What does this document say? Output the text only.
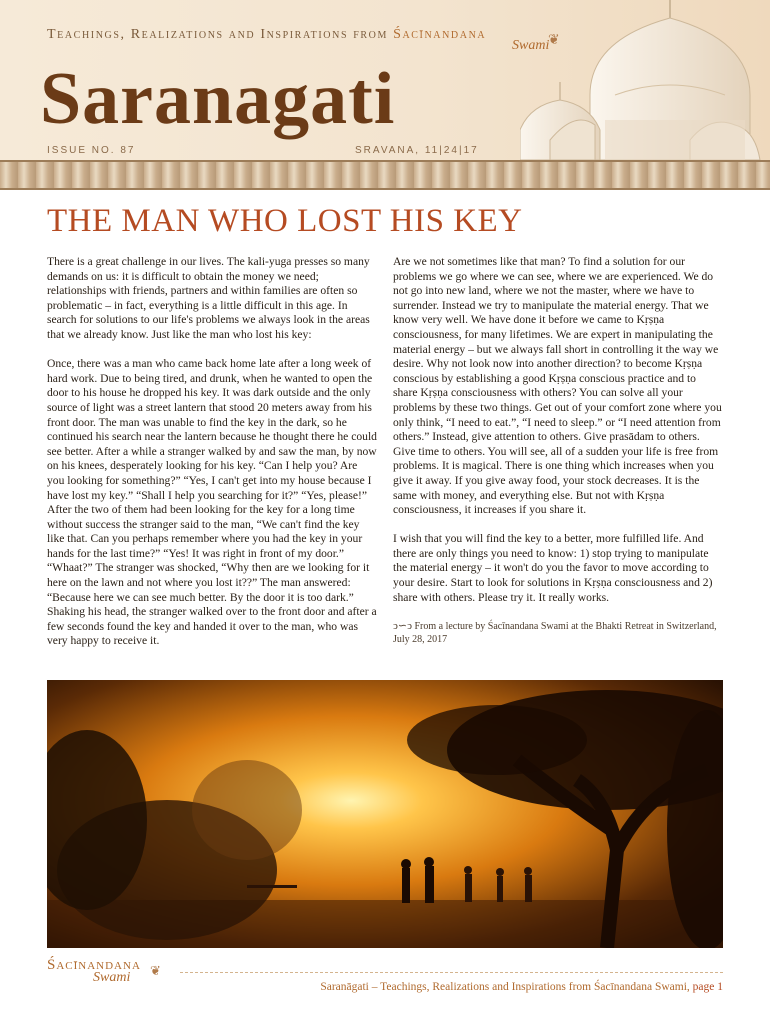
Teachings, Realizations and Inspirations from Śacīnandana
Swami
❦
Saranagati
ISSUE NO. 87	SRAVANA, 11|24|17
THE MAN WHO LOST HIS KEY

There is a great challenge in our lives. The kali-yuga presses so many demands on us: it is difficult to obtain the money we need; relationships with friends, partners and within families are often so problematic – in fact, everything is a little difficult in this age. In search for solutions to our life's problems we always look in the areas that we already know. Just like the man who lost his key:

Once, there was a man who came back home late after a long week of hard work. Due to being tired, and drunk, when he wanted to open the door to his house he dropped his key. It was dark outside and the only source of light was a street lantern that stood 20 meters away from his front door. The man was unable to find the key in the dark, so he continued his search near the lantern because he thought there he could see better. After a while a stranger walked by and saw the man, by now on his knees, desperately looking for his key. “Can I help you? Are you looking for something?” “Yes, I can't get into my house because I have lost my key.” “Shall I help you searching for it?” “Yes, please!” After the two of them had been looking for the key for a long time without success the stranger said to the man, “We can't find the key like that. Can you perhaps remember where you had the key in your hands for the last time?” “Yes! It was right in front of my door.” “Whaat?” The stranger was shocked, “Why then are we looking for it here on the lawn and not where you lost it??” The man answered: “Because here we can see much better. By the door it is too dark.” Shaking his head, the stranger walked over to the front door and after a few seconds found the key and handed it over to the man, who was very happy to receive it.

Are we not sometimes like that man? To find a solution for our problems we go where we can see, where we are experienced. We do not go into new land, where we not the master, where we have to surrender. Instead we try to manipulate the material energy. That we know very well. We have done it before we came to Kṛṣṇa consciousness, for many lifetimes. We are expert in manipulating the material energy – but we always fall short in controlling it the way we desire. Why not look now into another direction? to become Kṛṣṇa conscious by establishing a good Kṛṣṇa conscious practice and to share Kṛṣṇa consciousness with others? You can solve all your problems by these two things. Get out of your comfort zone where you only think, “I need to eat.”, “I need to sleep.” or “I need attention from others.” Instead, give attention to others. Give prasādam to others. Give time to others. You will see, all of a sudden your life is free from problems. It is magical. There is one thing which increases when you give it away. If you give away food, your stock decreases. It is the same with money, and everything else. But not with Kṛṣṇa consciousness, it increases if you share it.

I wish that you will find the key to a better, more fulfilled life. And there are only things you need to know: 1) stop trying to manipulate the material energy – it won't do you the favor to move according to your desire. Start to look for solutions in Kṛṣṇa consciousness and 2) share with others. Please try it. It really works.

ↄ∽ↄ From a lecture by Śacīnandana Swami at the Bhakti Retreat in Switzerland, July 28, 2017

Śacīnandana
Swami ❦
Saranāgati – Teachings, Realizations and Inspirations from Śacīnandana Swami, page 1
